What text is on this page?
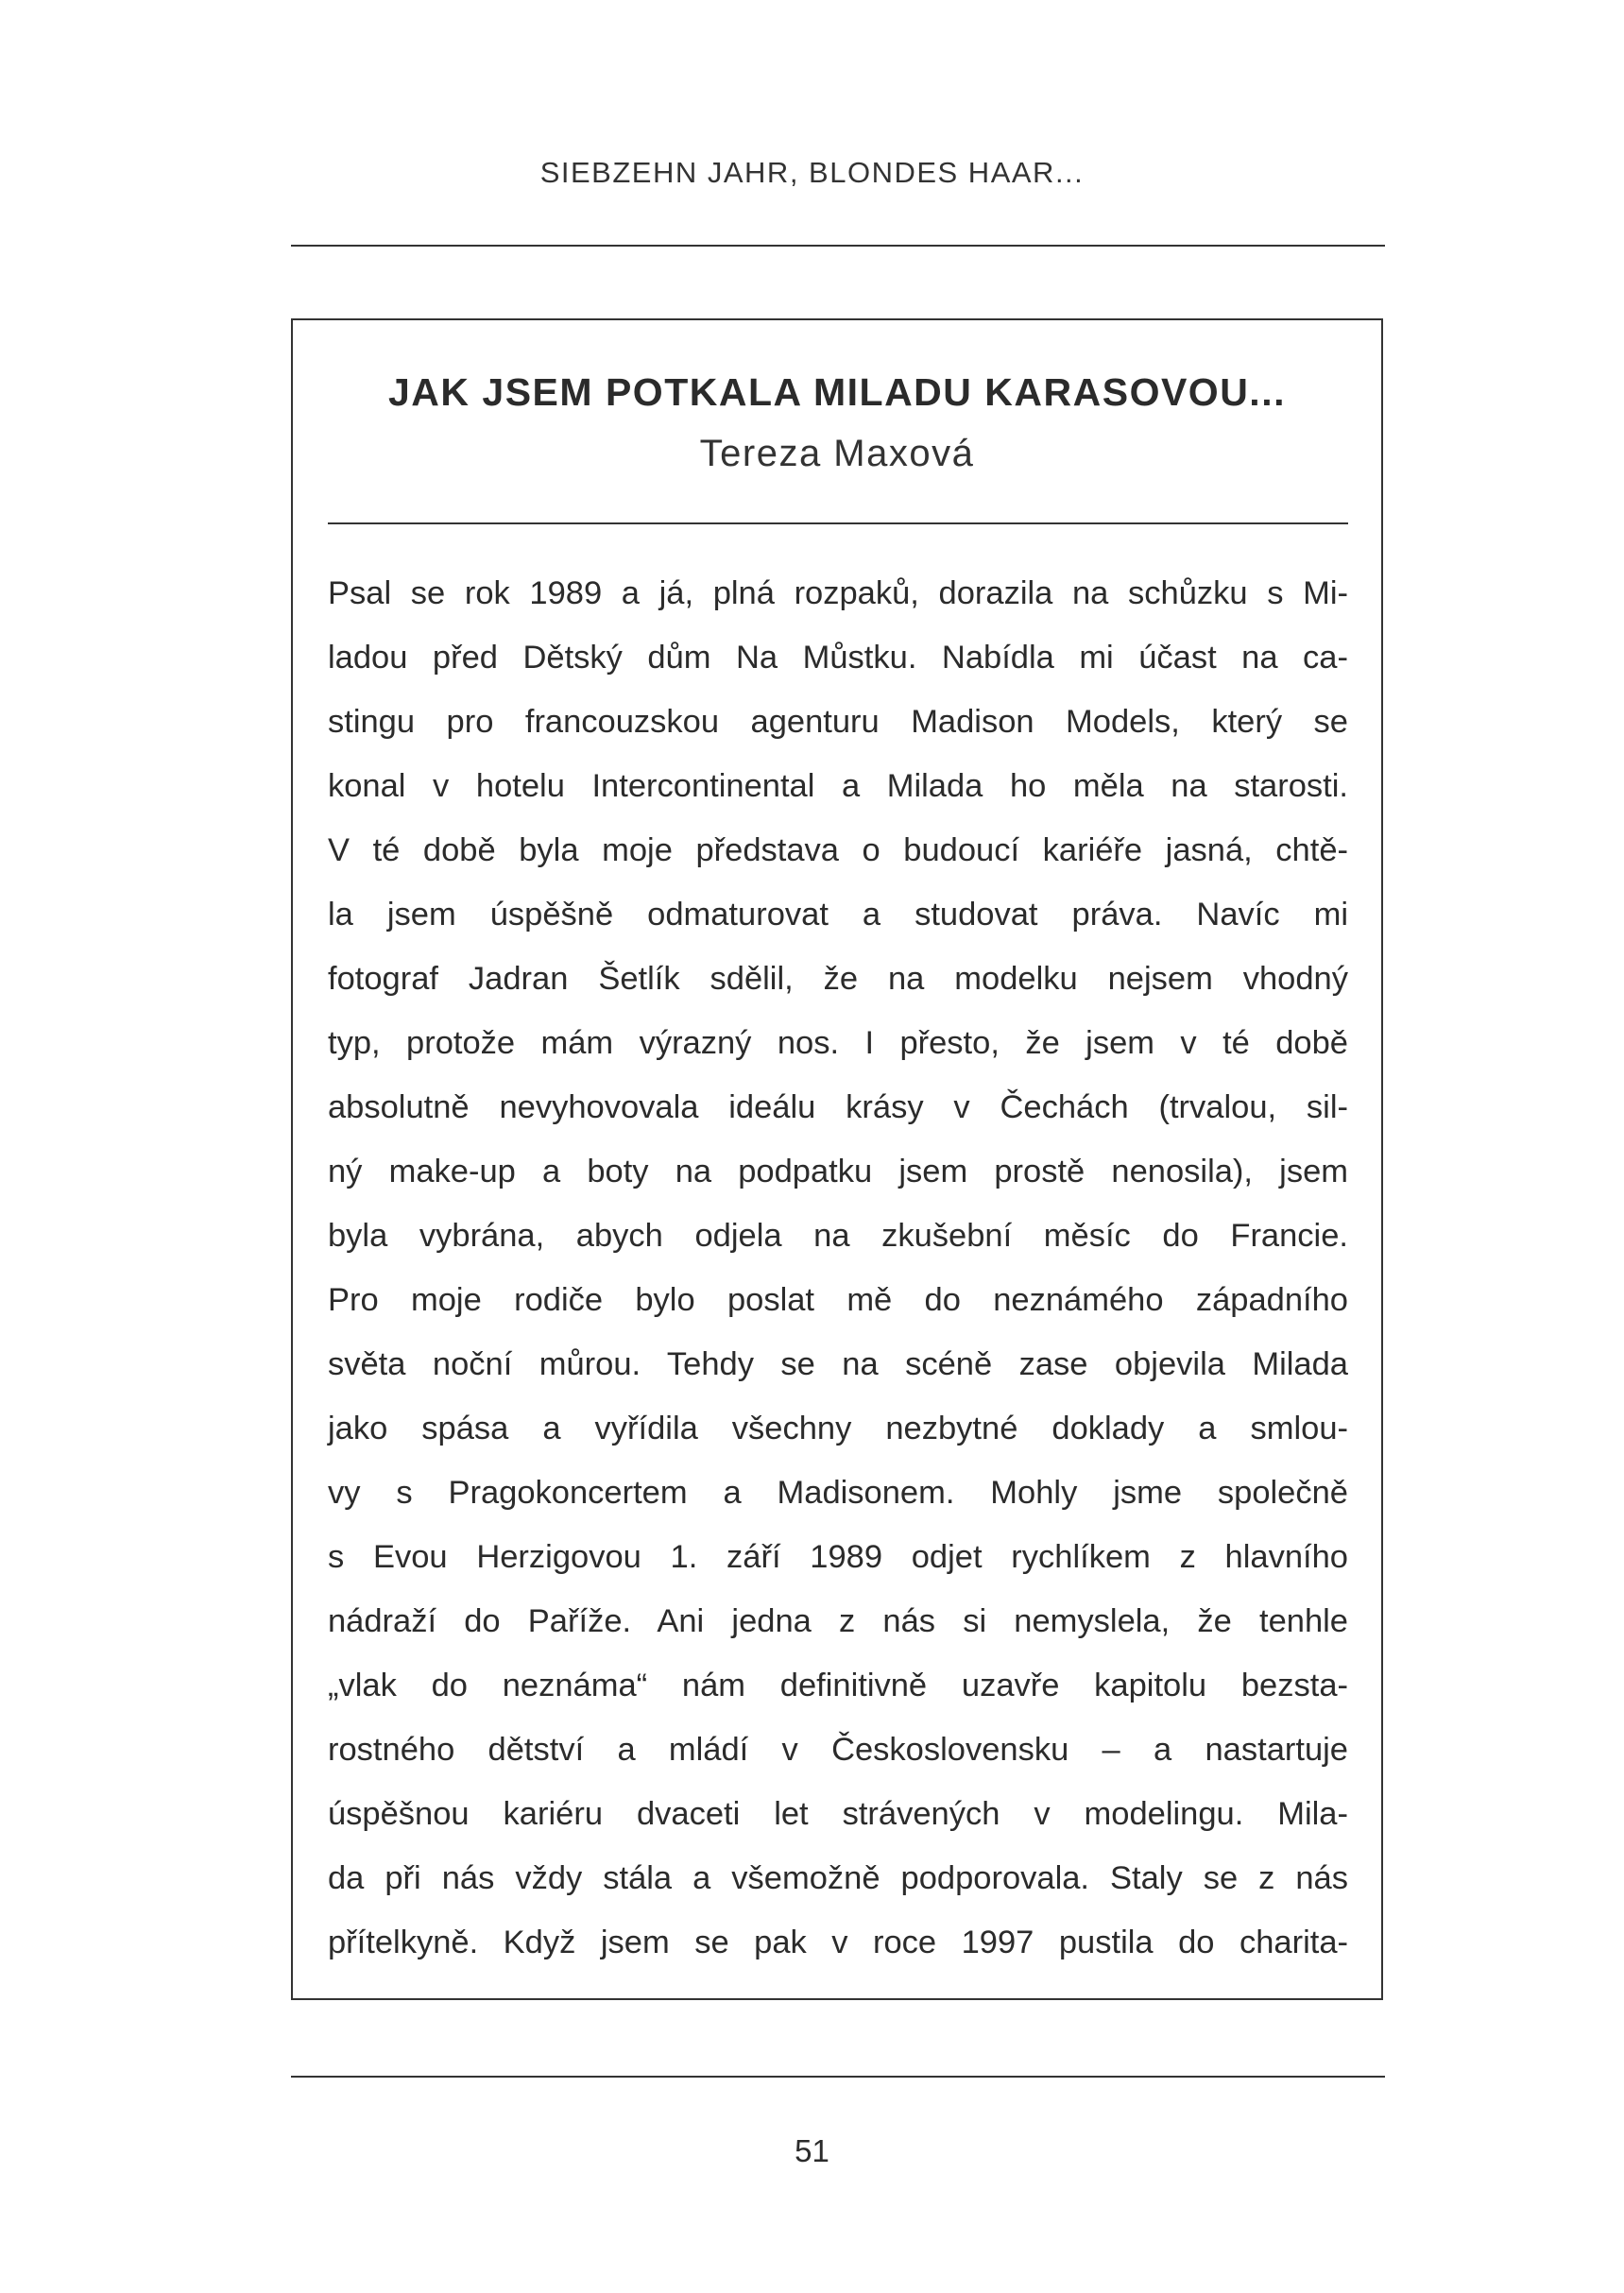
SIEBZEHN JAHR, BLONDES HAAR...
JAK JSEM POTKALA MILADU KARASOVOU...
Tereza Maxová
Psal se rok 1989 a já, plná rozpaků, dorazila na schůzku s Mi-
ladou před Dětský dům Na Můstku. Nabídla mi účast na ca-
stingu pro francouzskou agenturu Madison Models, který se
konal v hotelu Intercontinental a Milada ho měla na starosti.
V té době byla moje představa o budoucí kariéře jasná, chtě-
la jsem úspěšně odmaturovat a studovat práva. Navíc mi
fotograf Jadran Šetlík sdělil, že na modelku nejsem vhodný
typ, protože mám výrazný nos. I přesto, že jsem v té době
absolutně nevyhovovala ideálu krásy v Čechách (trvalou, sil-
ný make-up a boty na podpatku jsem prostě nenosila), jsem
byla vybrána, abych odjela na zkušební měsíc do Francie.
Pro moje rodiče bylo poslat mě do neznámého západního
světa noční můrou. Tehdy se na scéně zase objevila Milada
jako spása a vyřídila všechny nezbytné doklady a smlou-
vy s Pragokoncertem a Madisonem. Mohly jsme společně
s Evou Herzigovou 1. září 1989 odjet rychlíkem z hlavního
nádraží do Paříže. Ani jedna z nás si nemyslela, že tenhle
„vlak do neznáma“ nám definitivně uzavře kapitolu bezsta-
rostného dětství a mládí v Československu – a nastartuje
úspěšnou kariéru dvaceti let strávených v modelingu. Mila-
da při nás vždy stála a všemožně podporovala. Staly se z nás
přítelkyně. Když jsem se pak v roce 1997 pustila do charita-
51
